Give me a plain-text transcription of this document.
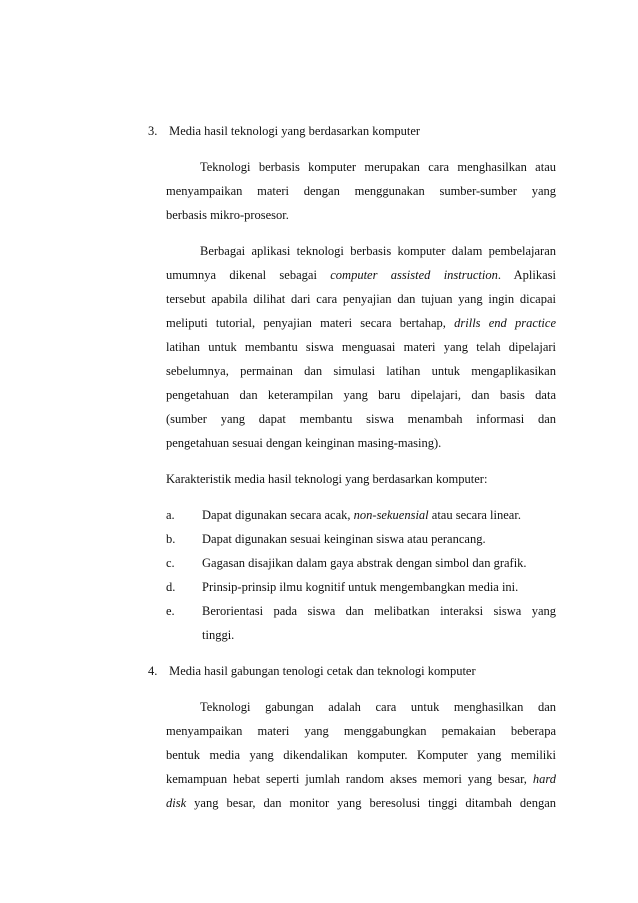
3. Media hasil teknologi yang berdasarkan komputer
Teknologi berbasis komputer merupakan cara menghasilkan atau
menyampaikan materi dengan menggunakan sumber-sumber yang
berbasis mikro-prosesor.
Berbagai aplikasi teknologi berbasis komputer dalam pembelajaran
umumnya dikenal sebagai computer assisted instruction. Aplikasi
tersebut apabila dilihat dari cara penyajian dan tujuan yang ingin dicapai
meliputi tutorial, penyajian materi secara bertahap, drills end practice
latihan untuk membantu siswa menguasai materi yang telah dipelajari
sebelumnya, permainan dan simulasi latihan untuk mengaplikasikan
pengetahuan dan keterampilan yang baru dipelajari, dan basis data
(sumber yang dapat membantu siswa menambah informasi dan
pengetahuan sesuai dengan keinginan masing-masing).
Karakteristik media hasil teknologi yang berdasarkan komputer:
a. Dapat digunakan secara acak, non-sekuensial atau secara linear.
b. Dapat digunakan sesuai keinginan siswa atau perancang.
c. Gagasan disajikan dalam gaya abstrak dengan simbol dan grafik.
d. Prinsip-prinsip ilmu kognitif untuk mengembangkan media ini.
e. Berorientasi pada siswa dan melibatkan interaksi siswa yang
tinggi.
4. Media hasil gabungan tenologi cetak dan teknologi komputer
Teknologi gabungan adalah cara untuk menghasilkan dan
menyampaikan materi yang menggabungkan pemakaian beberapa
bentuk media yang dikendalikan komputer. Komputer yang memiliki
kemampuan hebat seperti jumlah random akses memori yang besar, hard
disk yang besar, dan monitor yang beresolusi tinggi ditambah dengan
